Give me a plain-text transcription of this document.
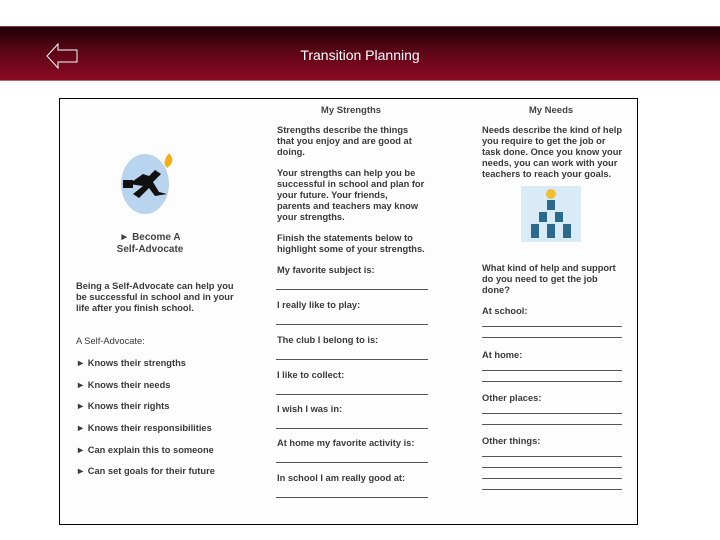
Transition Planning
► Become A
Self-Advocate
Being a Self-Advocate can help you
be successful in school and in your
life after you finish school.
A Self-Advocate:
► Knows their strengths
► Knows their needs
► Knows their rights
► Knows their responsibilities
► Can explain this to someone
► Can set goals for their future
My Strengths
Strengths describe the things
that you enjoy and are good at
doing.
Your strengths can help you be
successful in school and plan for
your future. Your friends,
parents and teachers may know
your strengths.
Finish the statements below to
highlight some of your strengths.
My Needs
Needs describe the kind of help
you require to get the job or
task done. Once you know your
needs, you can work with your
teachers to reach your goals.
What kind of help and support
do you need to get the job
done?
My favorite subject is:
I really like to play:
The club I belong to is:
I like to collect:
I wish I was in:
At home my favorite activity is:
In school I am really good at:
At school:
At home:
Other places:
Other things:
